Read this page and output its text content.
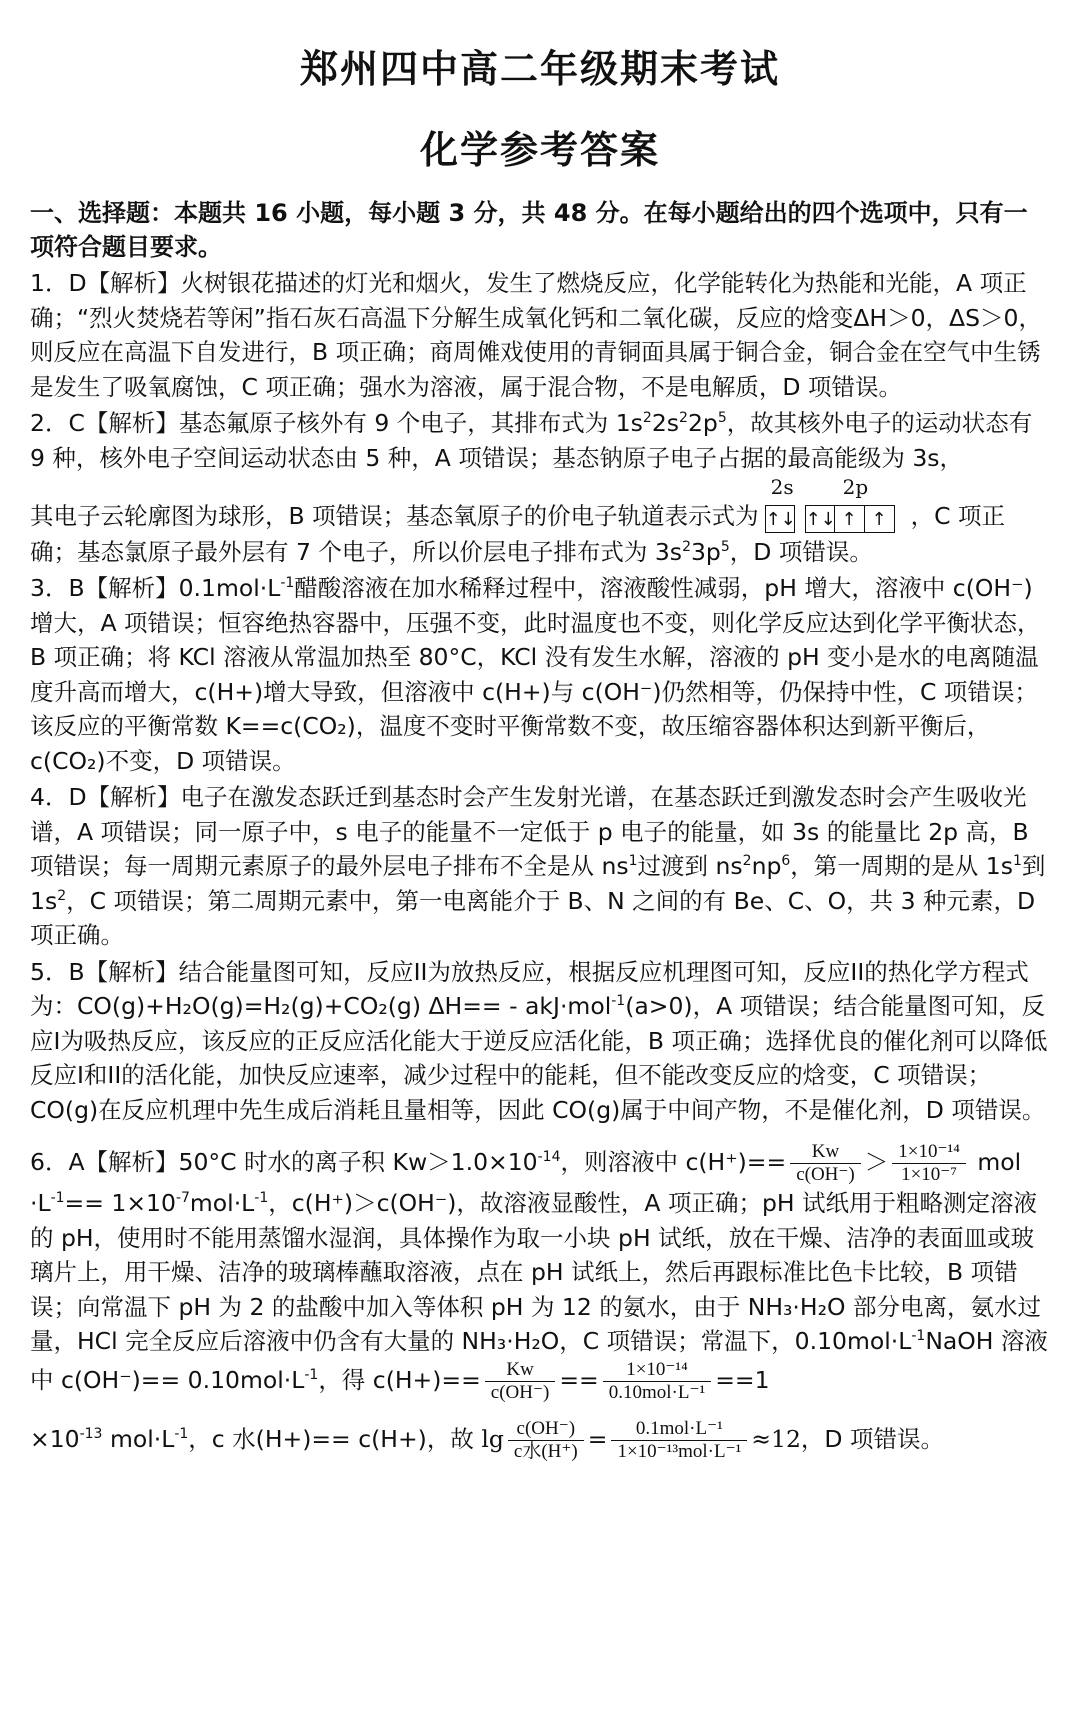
郑州四中高二年级期末考试
化学参考答案
一、选择题：本题共 16 小题，每小题 3 分，共 48 分。在每小题给出的四个选项中，只有一项符合题目要求。

1．D【解析】火树银花描述的灯光和烟火，发生了燃烧反应，化学能转化为热能和光能，A 项正确；“烈火焚烧若等闲”指石灰石高温下分解生成氧化钙和二氧化碳，反应的焓变ΔH＞0，ΔS＞0，则反应在高温下自发进行，B 项正确；商周傩戏使用的青铜面具属于铜合金，铜合金在空气中生锈是发生了吸氧腐蚀，C 项正确；强水为溶液，属于混合物，不是电解质，D 项错误。

2．C【解析】基态氟原子核外有 9 个电子，其排布式为 $1s^22s^22p^5$，故其核外电子的运动状态有 9 种，核外电子空间运动状态由 5 种，A 项错误；基态钠原子电子占据的最高能级为 3s，

其电子云轮廓图为球形，B 项错误；基态氧原子的价电子轨道表示式为
2s 2p
↑↓ ↑↓ ↑ ↑	，C 项正确；基态氯原子最外层有 7 个电子，所以价层电子排布式为 $3s^23p^5$，D 项错误。

3．B【解析】$0.1mol\cdot L^{-1}$醋酸溶液在加水稀释过程中，溶液酸性减弱，pH 增大，溶液中 c(OH⁻)增大，A 项错误；恒容绝热容器中，压强不变，此时温度也不变，则化学反应达到化学平衡状态，B 项正确；将 KCl 溶液从常温加热至 80°C，KCl 没有发生水解，溶液的 pH 变小是水的电离随温度升高而增大，c(H+)增大导致，但溶液中 c(H+)与 c(OH⁻)仍然相等，仍保持中性，C 项错误；该反应的平衡常数 K==c(CO₂)，温度不变时平衡常数不变，故压缩容器体积达到新平衡后， c(CO₂)不变，D 项错误。

4．D【解析】电子在激发态跃迁到基态时会产生发射光谱，在基态跃迁到激发态时会产生吸收光谱，A 项错误；同一原子中，s 电子的能量不一定低于 p 电子的能量，如 3s 的能量比 2p 高，B 项错误；每一周期元素原子的最外层电子排布不全是从 $ns^1$过渡到 $ns^2np^6$，第一周期的是从 $1s^1$到 $1s^2$，C 项错误；第二周期元素中，第一电离能介于 B、N 之间的有 Be、C、O，共 3 种元素，D 项正确。

5．B【解析】结合能量图可知，反应II为放热反应，根据反应机理图可知，反应II的热化学方程式为：CO(g)+H₂O(g)=H₂(g)+CO₂(g) ΔH== - akJ·mol$^{-1}$(a>0)，A 项错误；结合能量图可知，反应I为吸热反应，该反应的正反应活化能大于逆反应活化能，B 项正确；选择优良的催化剂可以降低反应I和II的活化能，加快反应速率，减少过程中的能耗，但不能改变反应的焓变，C 项错误；CO(g)在反应机理中先生成后消耗且量相等，因此 CO(g)属于中间产物，不是催化剂，D 项错误。

6．A【解析】50°C 时水的离子积 $Kw>1.0\times 10^{-14}$，则溶液中 $c(H^+)== \frac{Kw}{c(OH^-)} > \frac{\text{1×10⁻¹⁴}}{\text{1×10⁻⁷}}$ mol $\cdot L^{-1}== 1\times 10^{-7}mol\cdot L^{-1}$，c(H⁺)＞c(OH⁻)，故溶液显酸性，A 项正确；pH 试纸用于粗略测定溶液的 pH，使用时不能用蒸馏水湿润，具体操作为取一小块 pH 试纸，放在干燥、洁净的表面皿或玻璃片上，用干燥、洁净的玻璃棒蘸取溶液，点在 pH 试纸上，然后再跟标准比色卡比较，B 项错误；向常温下 pH 为 2 的盐酸中加入等体积 pH 为 12 的氨水，由于 NH₃·H₂O 部分电离，氨水过量，HCl 完全反应后溶液中仍含有大量的 NH₃·H₂O，C 项错误；常温下，$0.10mol\cdot L^{-1}NaOH$ 溶液中 $c(OH^-)== 0.10mol\cdot L^{-1}$，得 $c(H+)== \frac{Kw}{c(OH^-)} == \frac{\text{1×10⁻¹⁴}}{\text{0.10mol·L⁻¹}} ==1$

$\times 10^{-13}$ $mol\cdot L^{-1}$，c 水(H+)== c(H+)，故 $\lg \frac{c(OH^-)}{\text{c水(H⁺)}} = \frac{\text{0.1mol·L⁻¹}}{\text{1×10⁻¹³mol·L⁻¹}} \approx 12$，D 项错误。
